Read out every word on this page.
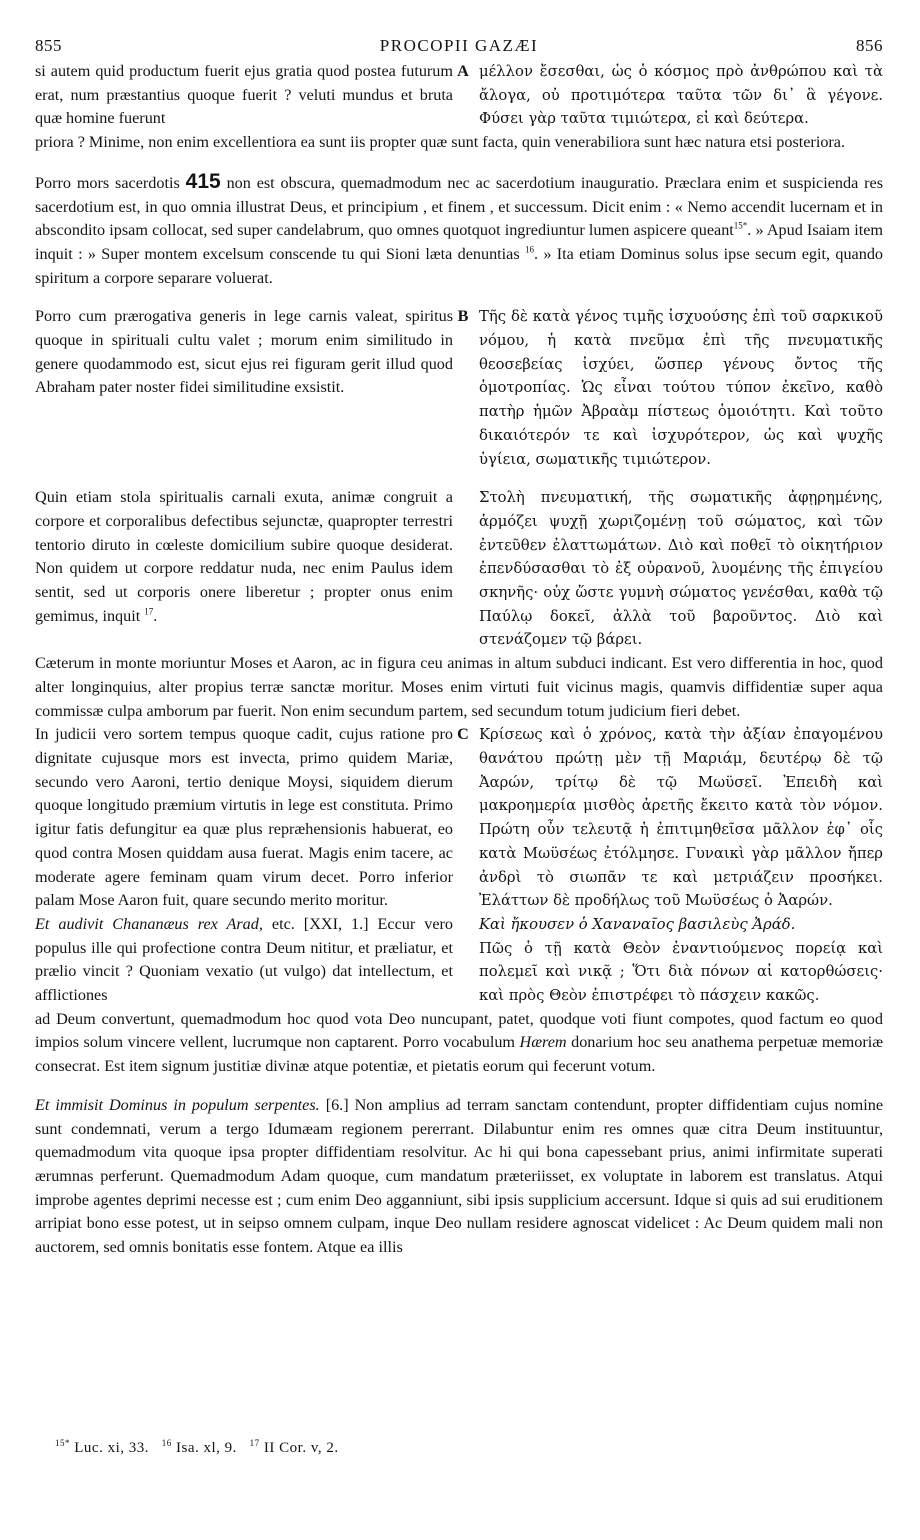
855	PROCOPII GAZÆI	856
si autem quid productum fuerit ejus gratia quod postea futurum erat, num præstantius quoque fuerit ? veluti mundus et bruta quæ homine fuerunt
A μέλλον ἔσεσθαι, ὡς ὁ κόσμος πρὸ ἀνθρώπου καὶ τὰ ἄλογα, οὐ προτιμότερα ταῦτα τῶν δι᾽ ἃ γέγονε. Φύσει γὰρ ταῦτα τιμιώτερα, εἰ καὶ δεύτερα.
priora ? Minime, non enim excellentiora ea sunt iis propter quæ sunt facta, quin venerabiliora sunt hæc natura etsi posteriora.
Porro mors sacerdotis 415 non est obscura, quemadmodum nec ac sacerdotium inauguratio. Præclara enim et suspicienda res sacerdotium est, in quo omnia illustrat Deus, et principium , et finem , et successum. Dicit enim : « Nemo accendit lucernam et in abscondito ipsam collocat, sed super candelabrum, quo omnes quotquot ingrediuntur lumen aspicere queant$^{15*}$. » Apud Isaiam item inquit : » Super montem excelsum conscende tu qui Sioni læta denuntias $^{16}$. » Ita etiam Dominus solus ipse secum egit, quando spiritum a corpore separare voluerat.
Porro cum prærogativa generis in lege carnis valeat, spiritus quoque in spirituali cultu valet ; morum enim similitudo in genere quodammodo est, sicut ejus rei figuram gerit illud quod Abraham pater noster fidei similitudine exsistit.
B Τῆς δὲ κατὰ γένος τιμῆς ἰσχυούσης ἐπὶ τοῦ σαρκικοῦ νόμου, ἡ κατὰ πνεῦμα ἐπὶ τῆς πνευματικῆς θεοσεβείας ἰσχύει, ὥσπερ γένους ὄντος τῆς ὁμοτροπίας. Ὡς εἶναι τούτου τύπον ἐκεῖνο, καθὸ πατὴρ ἡμῶν Ἀβραὰμ πίστεως ὁμοιότητι. Καὶ τοῦτο δικαιότερόν τε καὶ ἰσχυρότερον, ὡς καὶ ψυχῆς ὑγίεια, σωματικῆς τιμιώτερον.
Quin etiam stola spiritualis carnali exuta, animæ congruit a corpore et corporalibus defectibus sejunctæ, quapropter terrestri tentorio diruto in cœleste domicilium subire quoque desiderat. Non quidem ut corpore reddatur nuda, nec enim Paulus idem sentit, sed ut corporis onere liberetur ; propter onus enim gemimus, inquit $^{17}$.
Στολὴ πνευματική, τῆς σωματικῆς ἀφῃρημένης, ἁρμόζει ψυχῇ χωριζομένῃ τοῦ σώματος, καὶ τῶν ἐντεῦθεν ἐλαττωμάτων. Διὸ καὶ ποθεῖ τὸ οἰκητήριον ἐπενδύσασθαι τὸ ἐξ οὐρανοῦ, λυομένης τῆς ἐπιγείου σκηνῆς· οὐχ ὥστε γυμνὴ σώματος γενέσθαι, καθὰ τῷ Παύλῳ δοκεῖ, ἀλλὰ τοῦ βαροῦντος. Διὸ καὶ στενάζομεν τῷ βάρει.
Cæterum in monte moriuntur Moses et Aaron, ac in figura ceu animas in altum subduci indicant. Est vero differentia in hoc, quod alter longinquius, alter propius terræ sanctæ moritur. Moses enim virtuti fuit vicinus magis, quamvis diffidentiæ super aqua commissæ culpa amborum par fuerit. Non enim secundum partem, sed secundum totum judicium fieri debet.
In judicii vero sortem tempus quoque cadit, cujus ratione pro dignitate cujusque mors est invecta, primo quidem Mariæ, secundo vero Aaroni, tertio denique Moysi, siquidem dierum quoque longitudo præmium virtutis in lege est constituta. Primo igitur fatis defungitur ea quæ plus repræhensionis habuerat, eo quod contra Mosen quiddam ausa fuerat. Magis enim tacere, ac moderate agere feminam quam virum decet. Porro inferior palam Mose Aaron fuit, quare secundo merito moritur.
C Κρίσεως καὶ ὁ χρόνος, κατὰ τὴν ἀξίαν ἐπαγομένου θανάτου πρώτῃ μὲν τῇ Μαριάμ, δευτέρῳ δὲ τῷ Ἀαρών, τρίτῳ δὲ τῷ Μωϋσεῖ. Ἐπειδὴ καὶ μακροημερία μισθὸς ἀρετῆς ἔκειτο κατὰ τὸν νόμον. Πρώτη οὖν τελευτᾷ ἡ ἐπιτιμηθεῖσα μᾶλλον ἐφ᾽ οἷς κατὰ Μωϋσέως ἐτόλμησε. Γυναικὶ γὰρ μᾶλλον ἤπερ ἀνδρὶ τὸ σιωπᾶν τε καὶ μετριάζειν προσήκει. Ἐλάττων δὲ προδήλως τοῦ Μωϋσέως ὁ Ἀαρών.
Et audivit Chananæus rex Arad, etc. [XXI, 1.] Eccur vero populus ille qui profectione contra Deum nititur, et præliatur, et prælio vincit ? Quoniam vexatio (ut vulgo) dat intellectum, et afflictiones
Καὶ ἤκουσεν ὁ Χαναναῖος βασιλεὺς Ἀράδ.
Πῶς ὁ τῇ κατὰ Θεὸν ἐναντιούμενος πορείᾳ καὶ πολεμεῖ καὶ νικᾷ ; Ὅτι διὰ πόνων αἱ κατορθώσεις· καὶ πρὸς Θεὸν ἐπιστρέφει τὸ πάσχειν κακῶς.
ad Deum convertunt, quemadmodum hoc quod vota Deo nuncupant, patet, quodque voti fiunt compotes, quod factum eo quod impios solum vincere vellent, lucrumque non captarent. Porro vocabulum Hærem donarium hoc seu anathema perpetuæ memoriæ consecrat. Est item signum justitiæ divinæ atque potentiæ, et pietatis eorum qui fecerunt votum.
Et immisit Dominus in populum serpentes. [6.] Non amplius ad terram sanctam contendunt, propter diffidentiam cujus nomine sunt condemnati, verum a tergo Idumæam regionem pererrant. Dilabuntur enim res omnes quæ citra Deum instituuntur, quemadmodum vita quoque ipsa propter diffidentiam resolvitur. Ac hi qui bona capessebant prius, animi infirmitate superati ærumnas perferunt. Quemadmodum Adam quoque, cum mandatum præteriisset, ex voluptate in laborem est translatus. Atqui improbe agentes deprimi necesse est ; cum enim Deo agganniunt, sibi ipsis supplicium accersunt. Idque si quis ad sui eruditionem arripiat bono esse potest, ut in seipso omnem culpam, inque Deo nullam residere agnoscat videlicet : Ac Deum quidem mali non auctorem, sed omnis bonitatis esse fontem. Atque ea illis
$^{15*}$ Luc. xi, 33. $^{16}$ Isa. xl, 9. $^{17}$ II Cor. v, 2.
